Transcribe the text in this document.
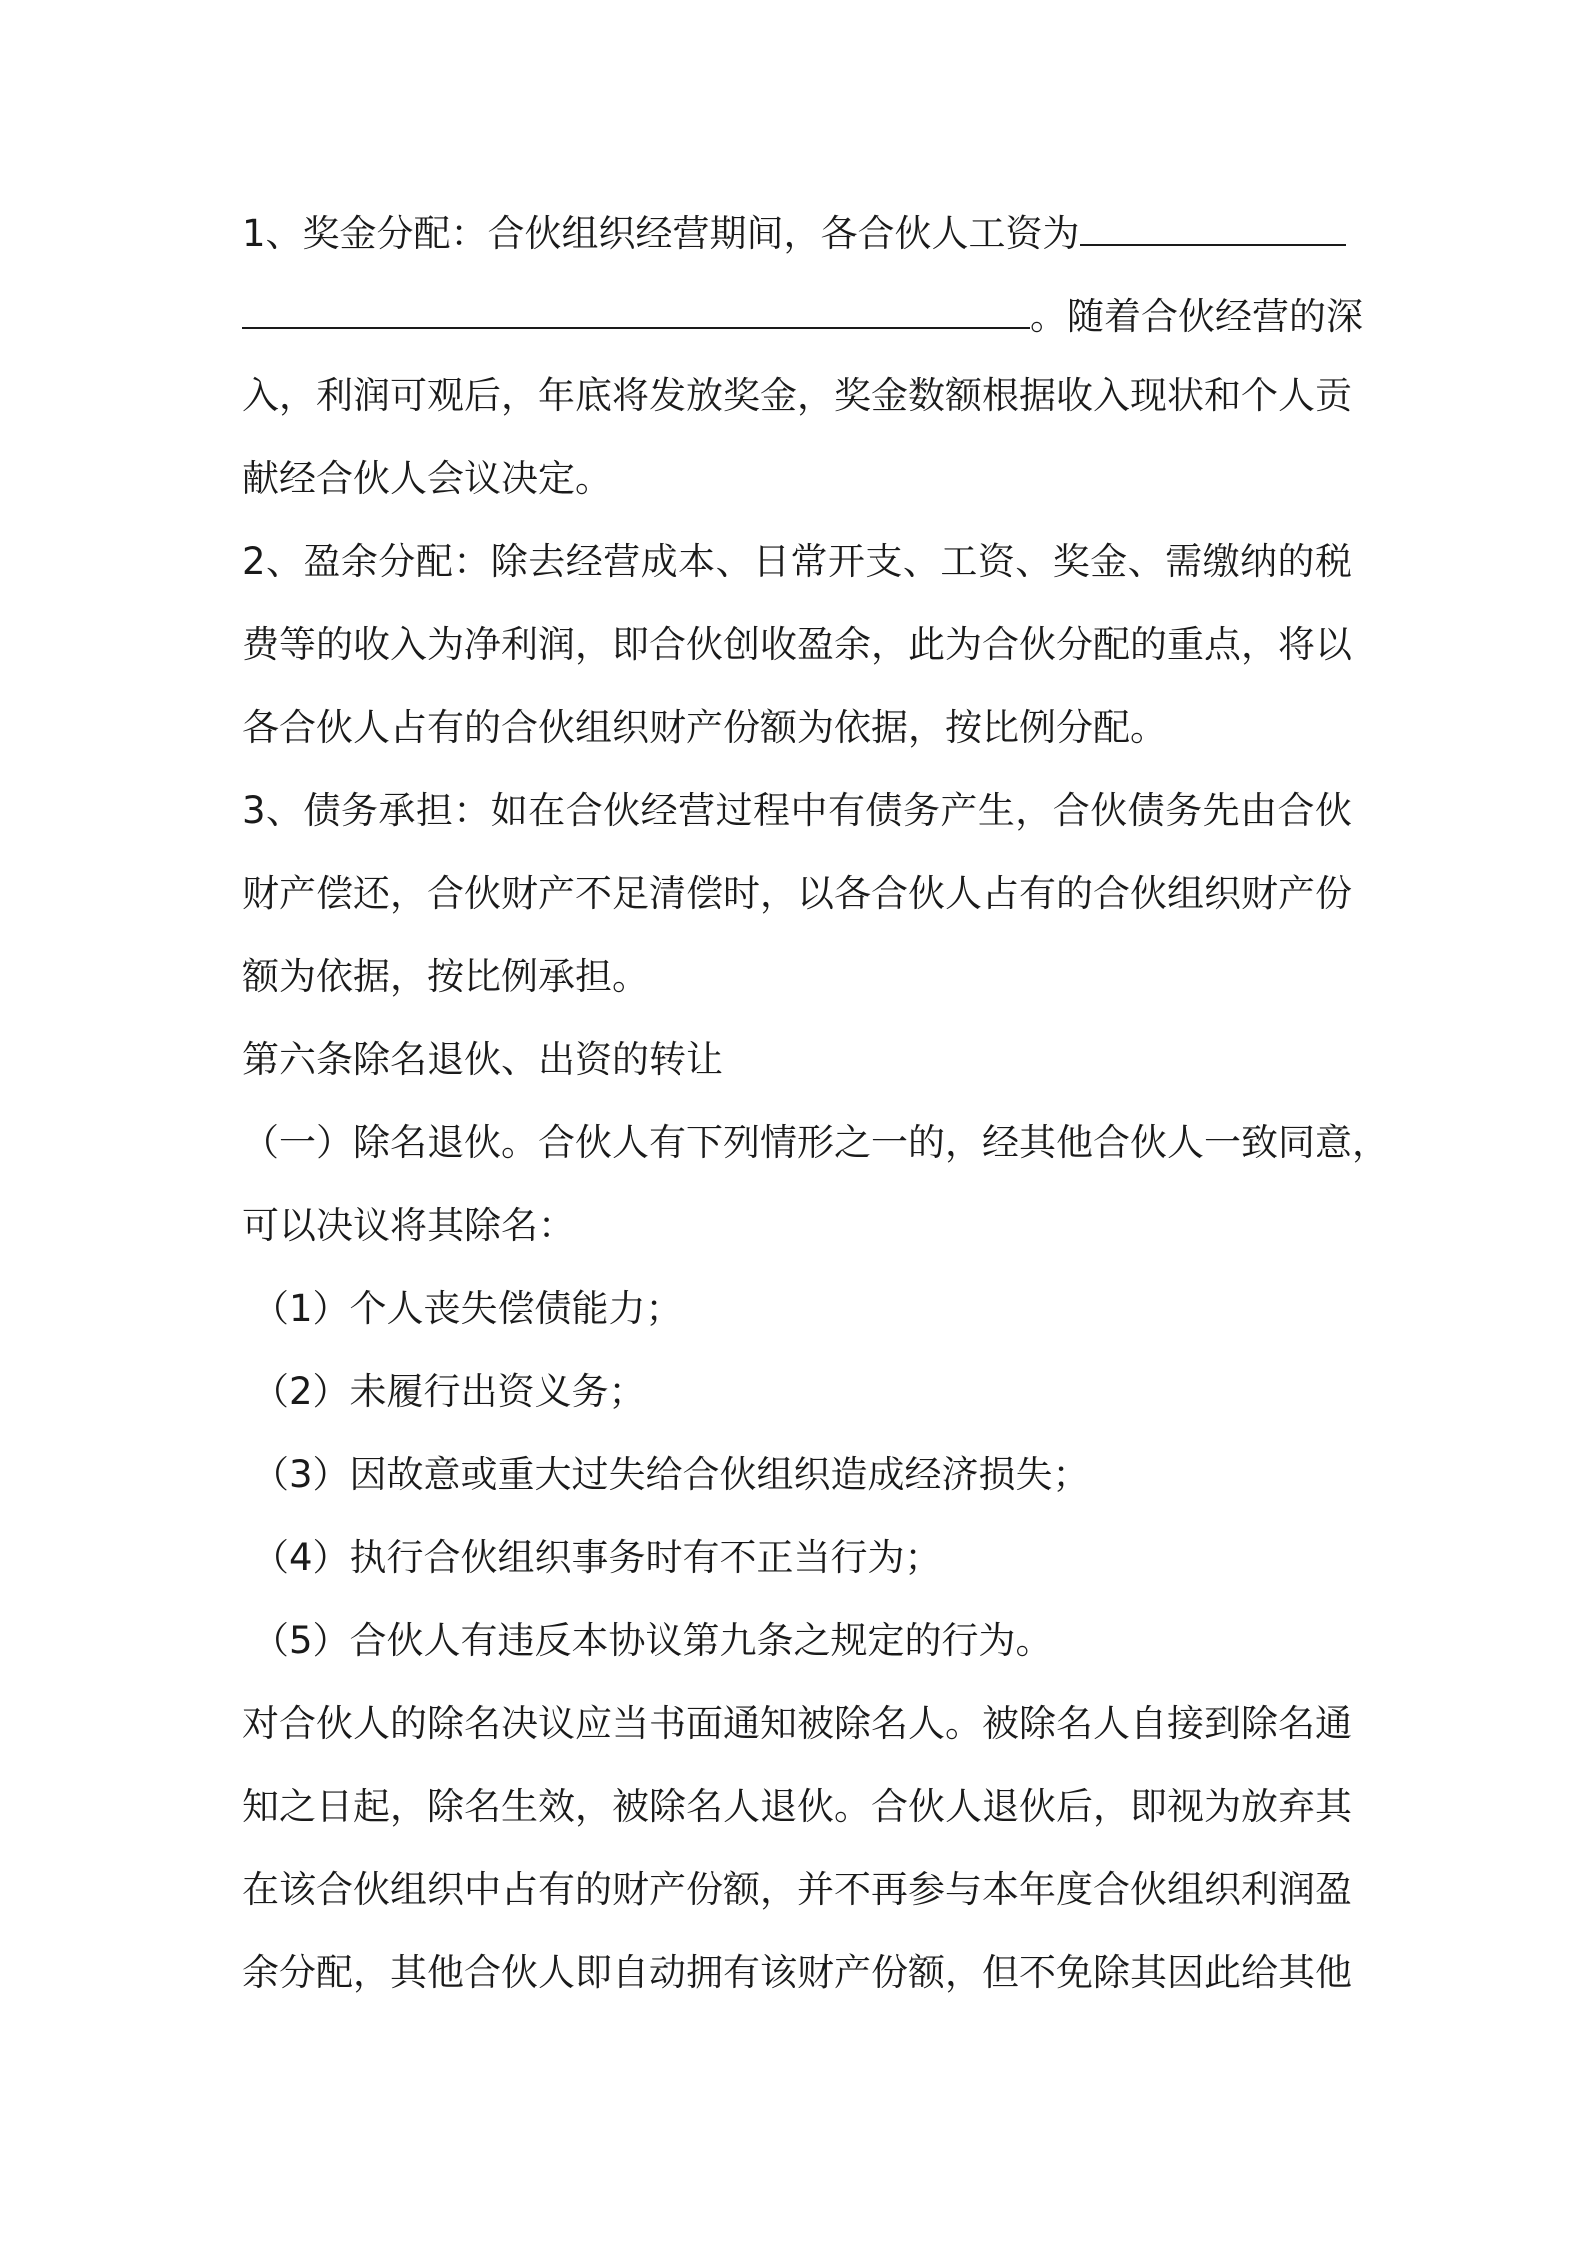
1、奖金分配：合伙组织经营期间，各合伙人工资为
。随着合伙经营的深
入，利润可观后，年底将发放奖金，奖金数额根据收入现状和个人贡
献经合伙人会议决定。
2、盈余分配：除去经营成本、日常开支、工资、奖金、需缴纳的税
费等的收入为净利润，即合伙创收盈余，此为合伙分配的重点，将以
各合伙人占有的合伙组织财产份额为依据，按比例分配。
3、债务承担：如在合伙经营过程中有债务产生，合伙债务先由合伙
财产偿还，合伙财产不足清偿时，以各合伙人占有的合伙组织财产份
额为依据，按比例承担。
第六条除名退伙、出资的转让
（一）除名退伙。合伙人有下列情形之一的，经其他合伙人一致同意，
可以决议将其除名：
（1）个人丧失偿债能力；
（2）未履行出资义务；
（3）因故意或重大过失给合伙组织造成经济损失；
（4）执行合伙组织事务时有不正当行为；
（5）合伙人有违反本协议第九条之规定的行为。
对合伙人的除名决议应当书面通知被除名人。被除名人自接到除名通
知之日起，除名生效，被除名人退伙。合伙人退伙后，即视为放弃其
在该合伙组织中占有的财产份额，并不再参与本年度合伙组织利润盈
余分配，其他合伙人即自动拥有该财产份额，但不免除其因此给其他
